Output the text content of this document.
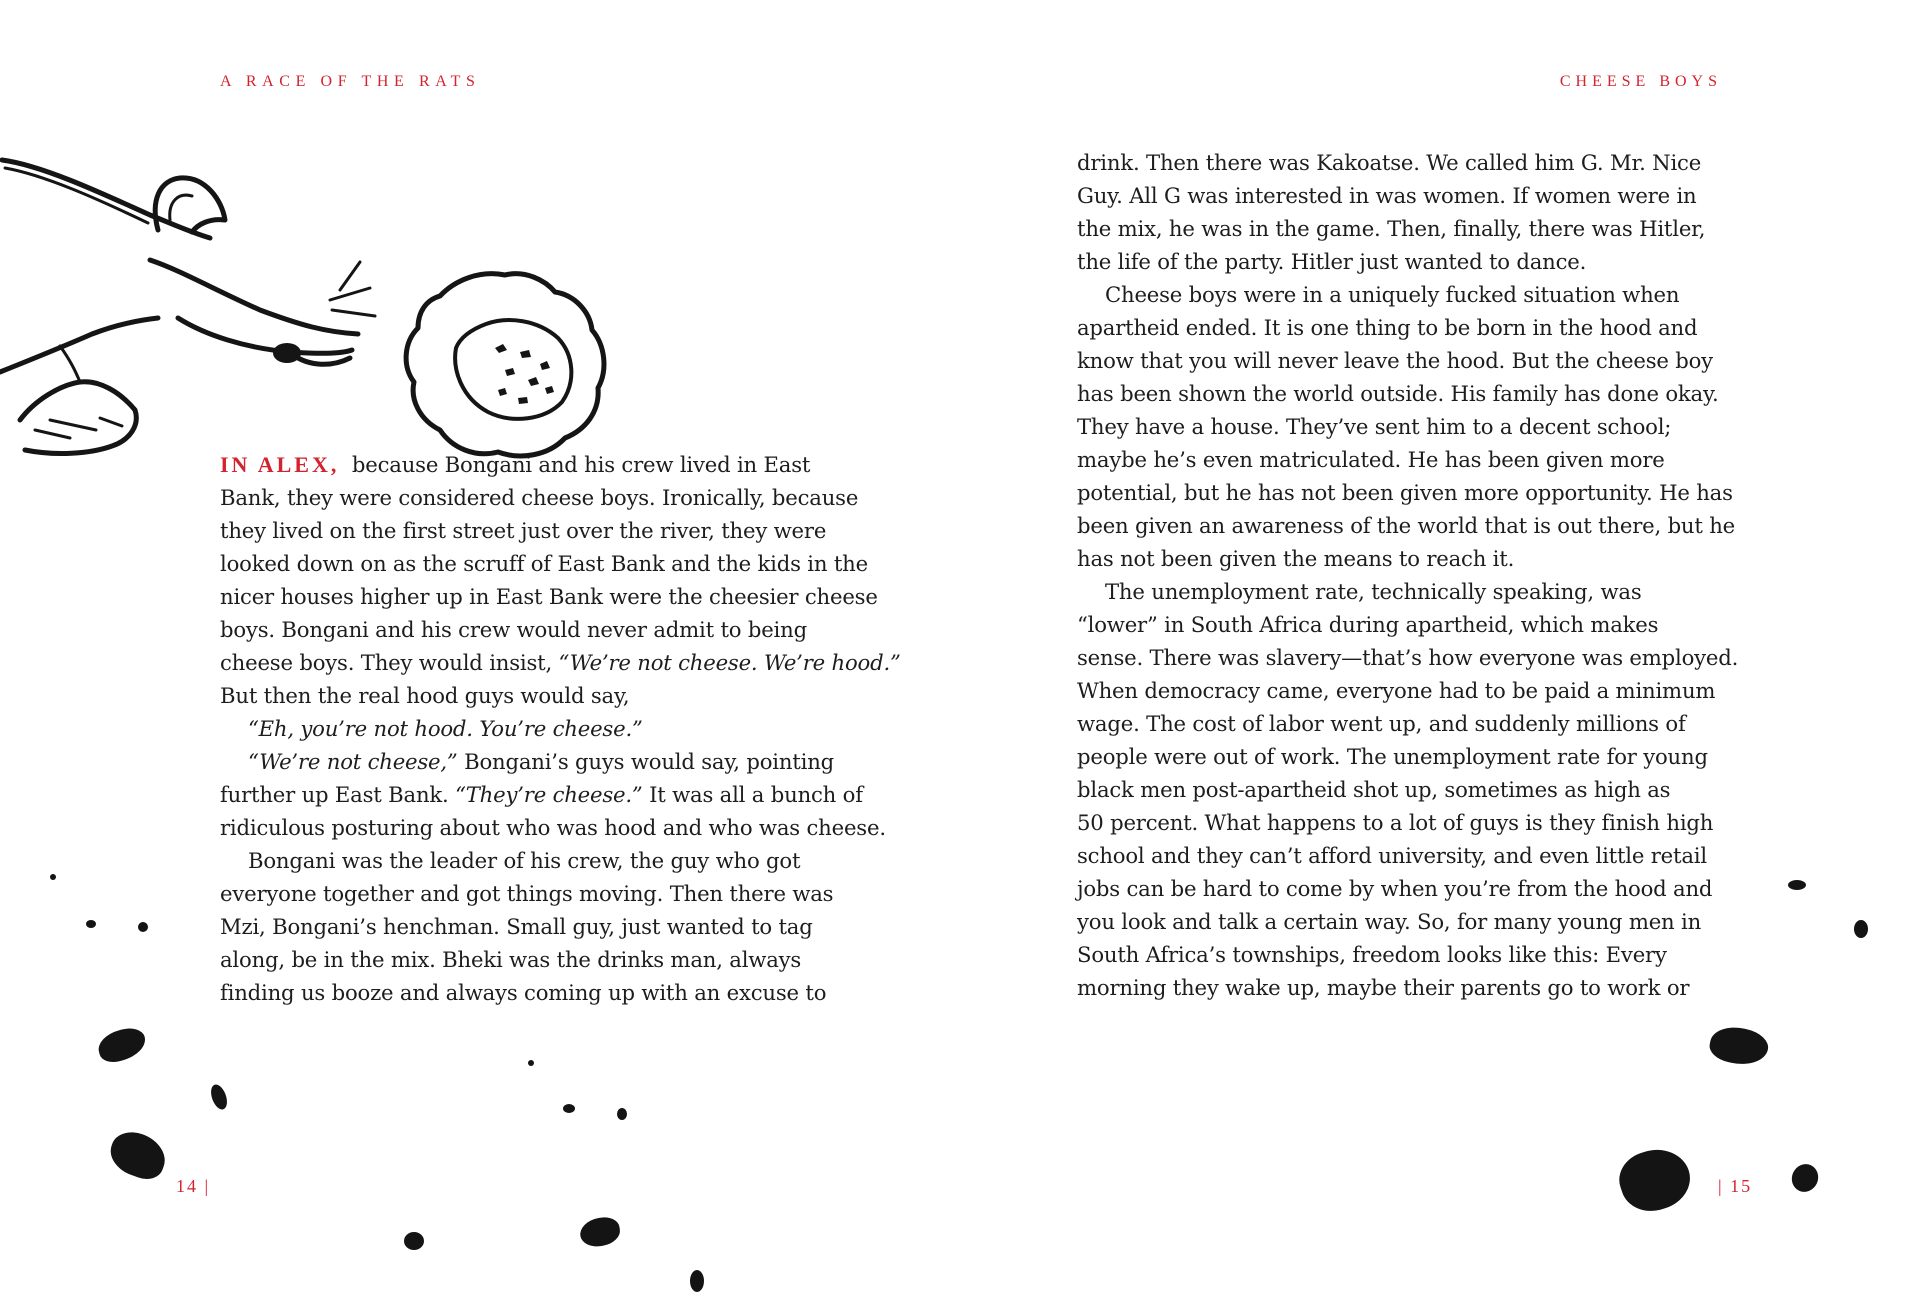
A RACE OF THE RATS	CHEESE BOYS
IN ALEX, because Bongani and his crew lived in East
Bank, they were considered cheese boys. Ironically, because
they lived on the first street just over the river, they were
looked down on as the scruff of East Bank and the kids in the
nicer houses higher up in East Bank were the cheesier cheese
boys. Bongani and his crew would never admit to being
cheese boys. They would insist, “We’re not cheese. We’re hood.”
But then the real hood guys would say,
“Eh, you’re not hood. You’re cheese.”
“We’re not cheese,” Bongani’s guys would say, pointing
further up East Bank. “They’re cheese.” It was all a bunch of
ridiculous posturing about who was hood and who was cheese.
Bongani was the leader of his crew, the guy who got
everyone together and got things moving. Then there was
Mzi, Bongani’s henchman. Small guy, just wanted to tag
along, be in the mix. Bheki was the drinks man, always
finding us booze and always coming up with an excuse to
drink. Then there was Kakoatse. We called him G. Mr. Nice
Guy. All G was interested in was women. If women were in
the mix, he was in the game. Then, finally, there was Hitler,
the life of the party. Hitler just wanted to dance.
Cheese boys were in a uniquely fucked situation when
apartheid ended. It is one thing to be born in the hood and
know that you will never leave the hood. But the cheese boy
has been shown the world outside. His family has done okay.
They have a house. They’ve sent him to a decent school;
maybe he’s even matriculated. He has been given more
potential, but he has not been given more opportunity. He has
been given an awareness of the world that is out there, but he
has not been given the means to reach it.
The unemployment rate, technically speaking, was
“lower” in South Africa during apartheid, which makes
sense. There was slavery—that’s how everyone was employed.
When democracy came, everyone had to be paid a minimum
wage. The cost of labor went up, and suddenly millions of
people were out of work. The unemployment rate for young
black men post-apartheid shot up, sometimes as high as
50 percent. What happens to a lot of guys is they finish high
school and they can’t afford university, and even little retail
jobs can be hard to come by when you’re from the hood and
you look and talk a certain way. So, for many young men in
South Africa’s townships, freedom looks like this: Every
morning they wake up, maybe their parents go to work or
14 |	| 15
